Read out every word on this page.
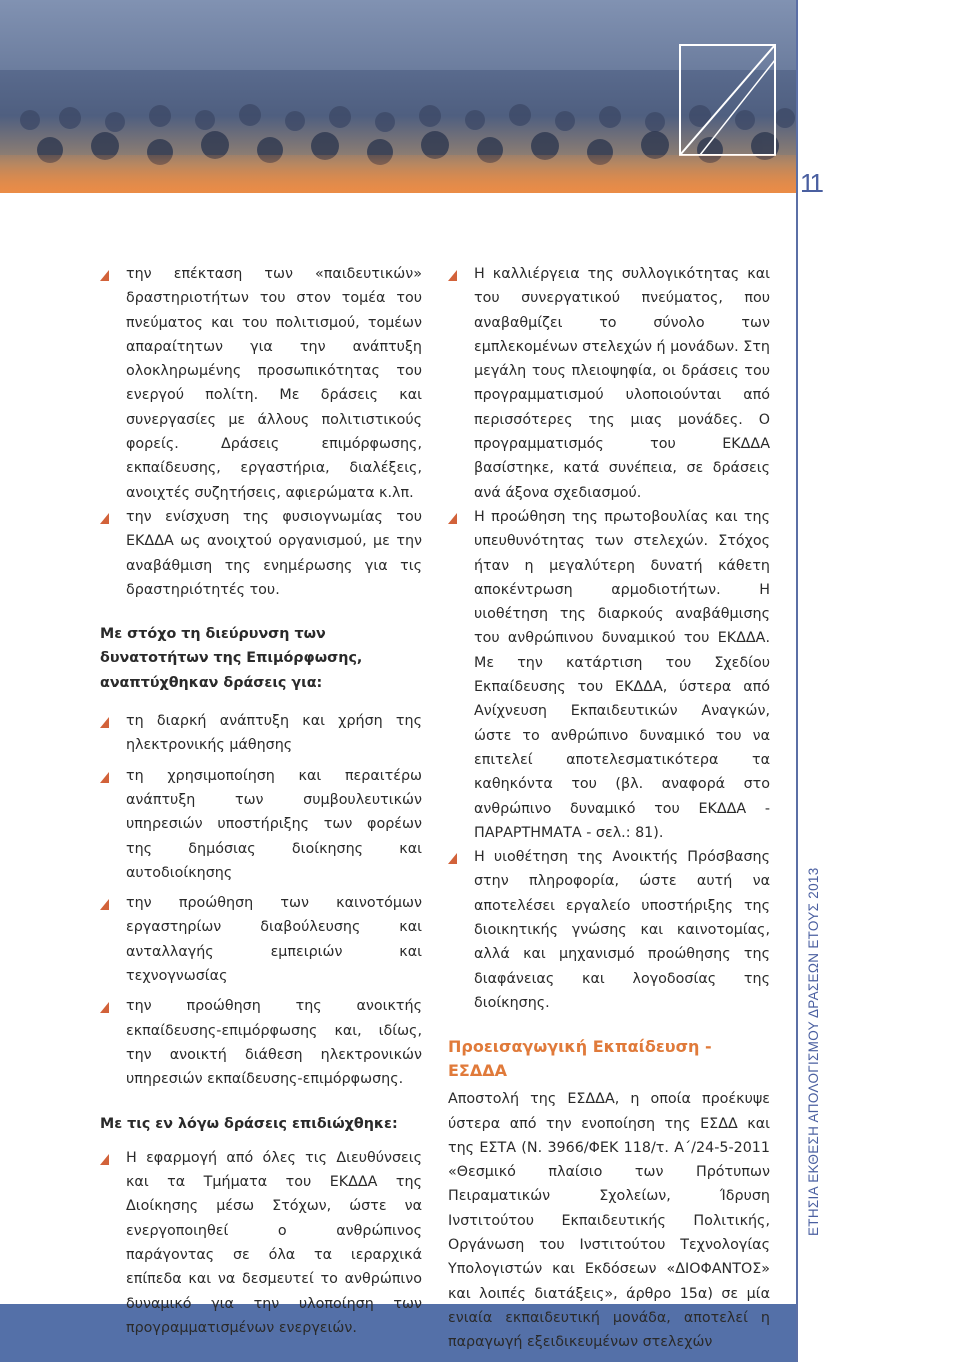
11
ΕΤΗΣΙΑ ΕΚΘΕΣΗ ΑΠΟΛΟΓΙΣΜΟΥ ΔΡΑΣΕΩΝ ΕΤΟΥΣ 2013
την επέκταση των «παιδευτικών» δραστηριοτήτων του στον τομέα του πνεύματος και του πολιτισμού, τομέων απαραίτητων για την ανάπτυξη ολοκληρωμένης προσωπικότητας του ενεργού πολίτη. Με δράσεις και συνεργασίες με άλλους πολιτιστικούς φορείς. Δράσεις επιμόρφωσης, εκπαίδευσης, εργαστήρια, διαλέξεις, ανοιχτές συζητήσεις, αφιερώματα κ.λπ.
την ενίσχυση της φυσιογνωμίας του ΕΚΔΔΑ ως ανοιχτού οργανισμού, με την αναβάθμιση της ενημέρωσης για τις δραστηριότητές του.

Με στόχο τη διεύρυνση των δυνατοτήτων της Επιμόρφωσης, αναπτύχθηκαν δράσεις για:

τη διαρκή ανάπτυξη και χρήση της ηλεκτρονικής μάθησης
τη χρησιμοποίηση και περαιτέρω ανάπτυξη των συμβουλευτικών υπηρεσιών υποστήριξης των φορέων της δημόσιας διοίκησης και αυτοδιοίκησης
την προώθηση των καινοτόμων εργαστηρίων διαβούλευσης και ανταλλαγής εμπειριών και τεχνογνωσίας
την προώθηση της ανοικτής εκπαίδευσης-επιμόρφωσης και, ιδίως, την ανοικτή διάθεση ηλεκτρονικών υπηρεσιών εκπαίδευσης-επιμόρφωσης.

Με τις εν λόγω δράσεις επιδιώχθηκε:

Η εφαρμογή από όλες τις Διευθύνσεις και τα Τμήματα του ΕΚΔΔΑ της Διοίκησης μέσω Στόχων, ώστε να ενεργοποιηθεί ο ανθρώπινος παράγοντας σε όλα τα ιεραρχικά επίπεδα και να δεσμευτεί το ανθρώπινο δυναμικό για την υλοποίηση των προγραμματισμένων ενεργειών.
Η καλλιέργεια της συλλογικότητας και του συνεργατικού πνεύματος, που αναβαθμίζει το σύνολο των εμπλεκομένων στελεχών ή μονάδων. Στη μεγάλη τους πλειοψηφία, οι δράσεις του προγραμματισμού υλοποιούνται από περισσότερες της μιας μονάδες. Ο προγραμματισμός του ΕΚΔΔΑ βασίστηκε, κατά συνέπεια, σε δράσεις ανά άξονα σχεδιασμού.
Η προώθηση της πρωτοβουλίας και της υπευθυνότητας των στελεχών. Στόχος ήταν η μεγαλύτερη δυνατή κάθετη αποκέντρωση αρμοδιοτήτων. Η υιοθέτηση της διαρκούς αναβάθμισης του ανθρώπινου δυναμικού του ΕΚΔΔΑ. Με την κατάρτιση του Σχεδίου Εκπαίδευσης του ΕΚΔΔΑ, ύστερα από Ανίχνευση Εκπαιδευτικών Αναγκών, ώστε το ανθρώπινο δυναμικό του να επιτελεί αποτελεσματικότερα τα καθηκόντα του (βλ. αναφορά στο ανθρώπινο δυναμικό του ΕΚΔΔΑ - ΠΑΡΑΡΤΗΜΑΤΑ - σελ.: 81).
Η υιοθέτηση της Ανοικτής Πρόσβασης στην πληροφορία, ώστε αυτή να αποτελέσει εργαλείο υποστήριξης της διοικητικής γνώσης και καινοτομίας, αλλά και μηχανισμό προώθησης της διαφάνειας και λογοδοσίας της διοίκησης.

Προεισαγωγική Εκπαίδευση - ΕΣΔΔΑ

Αποστολή της ΕΣΔΔΑ, η οποία προέκυψε ύστερα από την ενοποίηση της ΕΣΔΔ και της ΕΣΤΑ (Ν. 3966/ΦΕΚ 118/τ. Α΄/24-5-2011 «Θεσμικό πλαίσιο των Πρότυπων Πειραματικών Σχολείων, Ίδρυση Ινστιτούτου Εκπαιδευτικής Πολιτικής, Οργάνωση του Ινστιτούτου Τεχνολογίας Υπολογιστών και Εκδόσεων «ΔΙΟΦΑΝΤΟΣ» και λοιπές διατάξεις», άρθρο 15α) σε μία ενιαία εκπαιδευτική μονάδα, αποτελεί η παραγωγή εξειδικευμένων στελεχών
